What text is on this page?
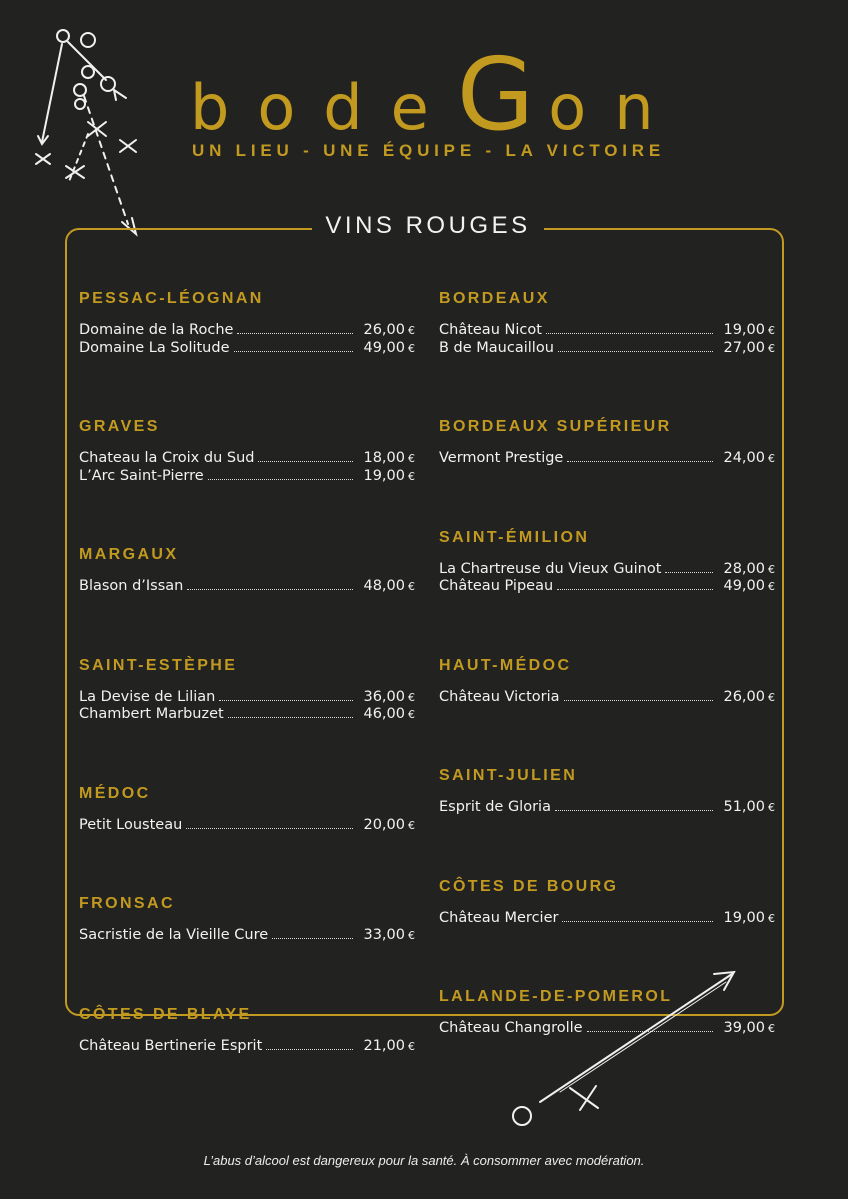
bodeGon
UN LIEU - UNE ÉQUIPE - LA VICTOIRE
VINS ROUGES
PESSAC-LÉOGNAN
Domaine de la Roche	26,00 €
Domaine La Solitude	49,00 €
GRAVES
Chateau la Croix du Sud	18,00 €
L’Arc Saint-Pierre	19,00 €
MARGAUX
Blason d’Issan	48,00 €
SAINT-ESTÈPHE
La Devise de Lilian	36,00 €
Chambert Marbuzet	46,00 €
MÉDOC
Petit Lousteau	20,00 €
FRONSAC
Sacristie de la Vieille Cure	33,00 €
CÔTES DE BLAYE
Château Bertinerie Esprit	21,00 €
BORDEAUX
Château Nicot	19,00 €
B de Maucaillou	27,00 €
BORDEAUX SUPÉRIEUR
Vermont Prestige	24,00 €
SAINT-ÉMILION
La Chartreuse du Vieux Guinot	28,00 €
Château Pipeau	49,00 €
HAUT-MÉDOC
Château Victoria	26,00 €
SAINT-JULIEN
Esprit de Gloria	51,00 €
CÔTES DE BOURG
Château Mercier	19,00 €
LALANDE-DE-POMEROL
Château Changrolle	39,00 €
L’abus d’alcool est dangereux pour la santé. À consommer avec modération.
